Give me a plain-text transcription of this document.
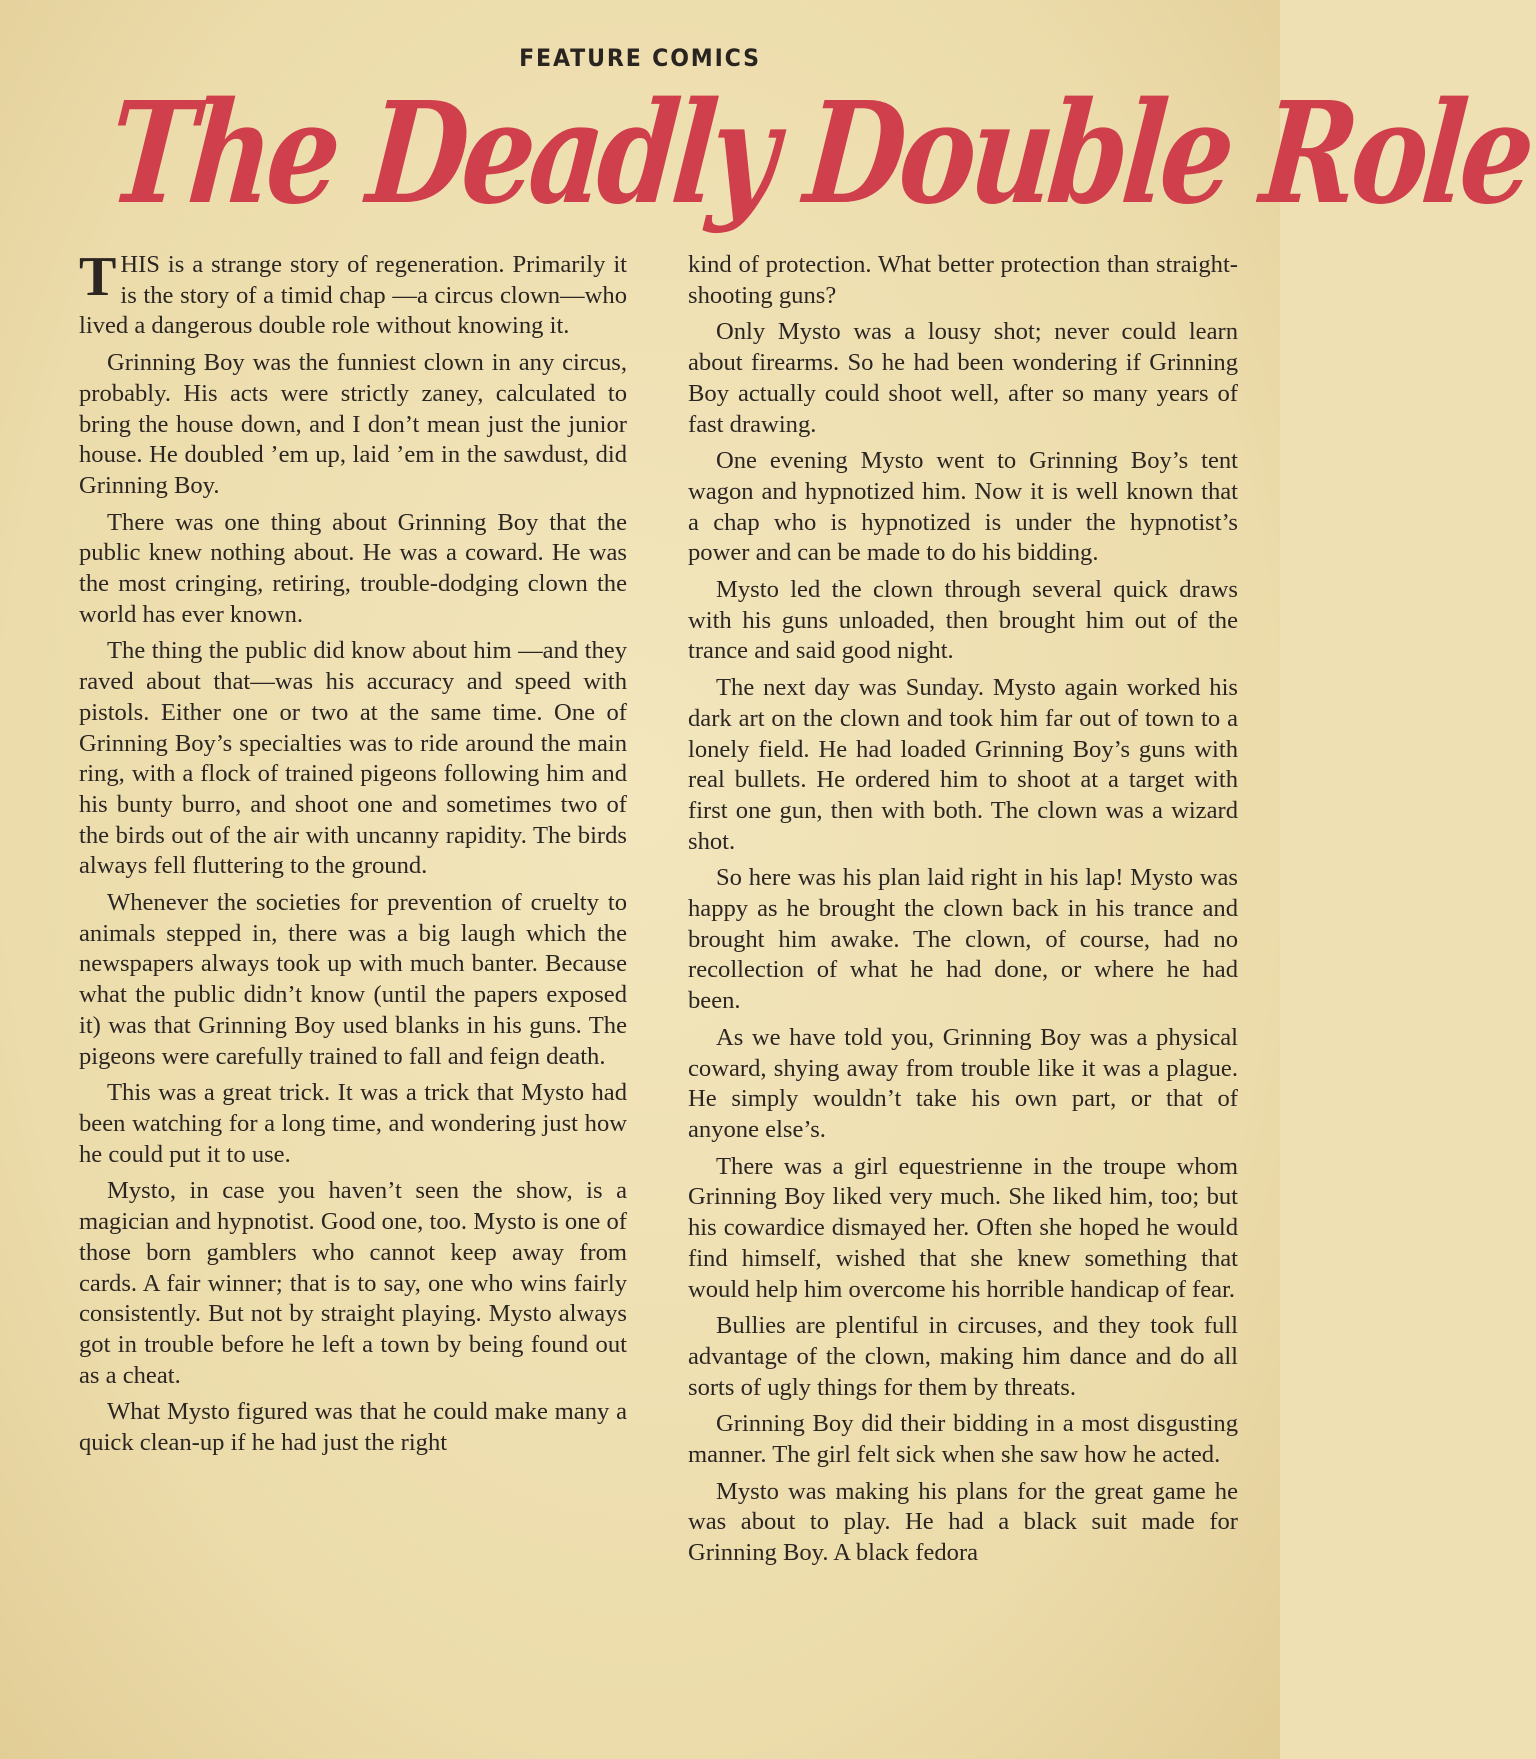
FEATURE COMICS
The Deadly Double Role

THIS is a strange story of regeneration. Primarily it is the story of a timid chap —a circus clown—who lived a dangerous double role without knowing it.

Grinning Boy was the funniest clown in any circus, probably. His acts were strictly zaney, calculated to bring the house down, and I don’t mean just the junior house. He doubled ’em up, laid ’em in the sawdust, did Grinning Boy.

There was one thing about Grinning Boy that the public knew nothing about. He was a coward. He was the most cringing, retiring, trouble-dodging clown the world has ever known.

The thing the public did know about him —and they raved about that—was his accuracy and speed with pistols. Either one or two at the same time. One of Grinning Boy’s specialties was to ride around the main ring, with a flock of trained pigeons following him and his bunty burro, and shoot one and sometimes two of the birds out of the air with uncanny rapidity. The birds always fell fluttering to the ground.

Whenever the societies for prevention of cruelty to animals stepped in, there was a big laugh which the newspapers always took up with much banter. Because what the public didn’t know (until the papers exposed it) was that Grinning Boy used blanks in his guns. The pigeons were carefully trained to fall and feign death.

This was a great trick. It was a trick that Mysto had been watching for a long time, and wondering just how he could put it to use.

Mysto, in case you haven’t seen the show, is a magician and hypnotist. Good one, too. Mysto is one of those born gamblers who cannot keep away from cards. A fair winner; that is to say, one who wins fairly consistently. But not by straight playing. Mysto always got in trouble before he left a town by being found out as a cheat.

What Mysto figured was that he could make many a quick clean-up if he had just the right

kind of protection. What better protection than straight-shooting guns?

Only Mysto was a lousy shot; never could learn about firearms. So he had been wondering if Grinning Boy actually could shoot well, after so many years of fast drawing.

One evening Mysto went to Grinning Boy’s tent wagon and hypnotized him. Now it is well known that a chap who is hypnotized is under the hypnotist’s power and can be made to do his bidding.

Mysto led the clown through several quick draws with his guns unloaded, then brought him out of the trance and said good night.

The next day was Sunday. Mysto again worked his dark art on the clown and took him far out of town to a lonely field. He had loaded Grinning Boy’s guns with real bullets. He ordered him to shoot at a target with first one gun, then with both. The clown was a wizard shot.

So here was his plan laid right in his lap! Mysto was happy as he brought the clown back in his trance and brought him awake. The clown, of course, had no recollection of what he had done, or where he had been.

As we have told you, Grinning Boy was a physical coward, shying away from trouble like it was a plague. He simply wouldn’t take his own part, or that of anyone else’s.

There was a girl equestrienne in the troupe whom Grinning Boy liked very much. She liked him, too; but his cowardice dismayed her. Often she hoped he would find himself, wished that she knew something that would help him overcome his horrible handicap of fear.

Bullies are plentiful in circuses, and they took full advantage of the clown, making him dance and do all sorts of ugly things for them by threats.

Grinning Boy did their bidding in a most disgusting manner. The girl felt sick when she saw how he acted.

Mysto was making his plans for the great game he was about to play. He had a black suit made for Grinning Boy. A black fedora
